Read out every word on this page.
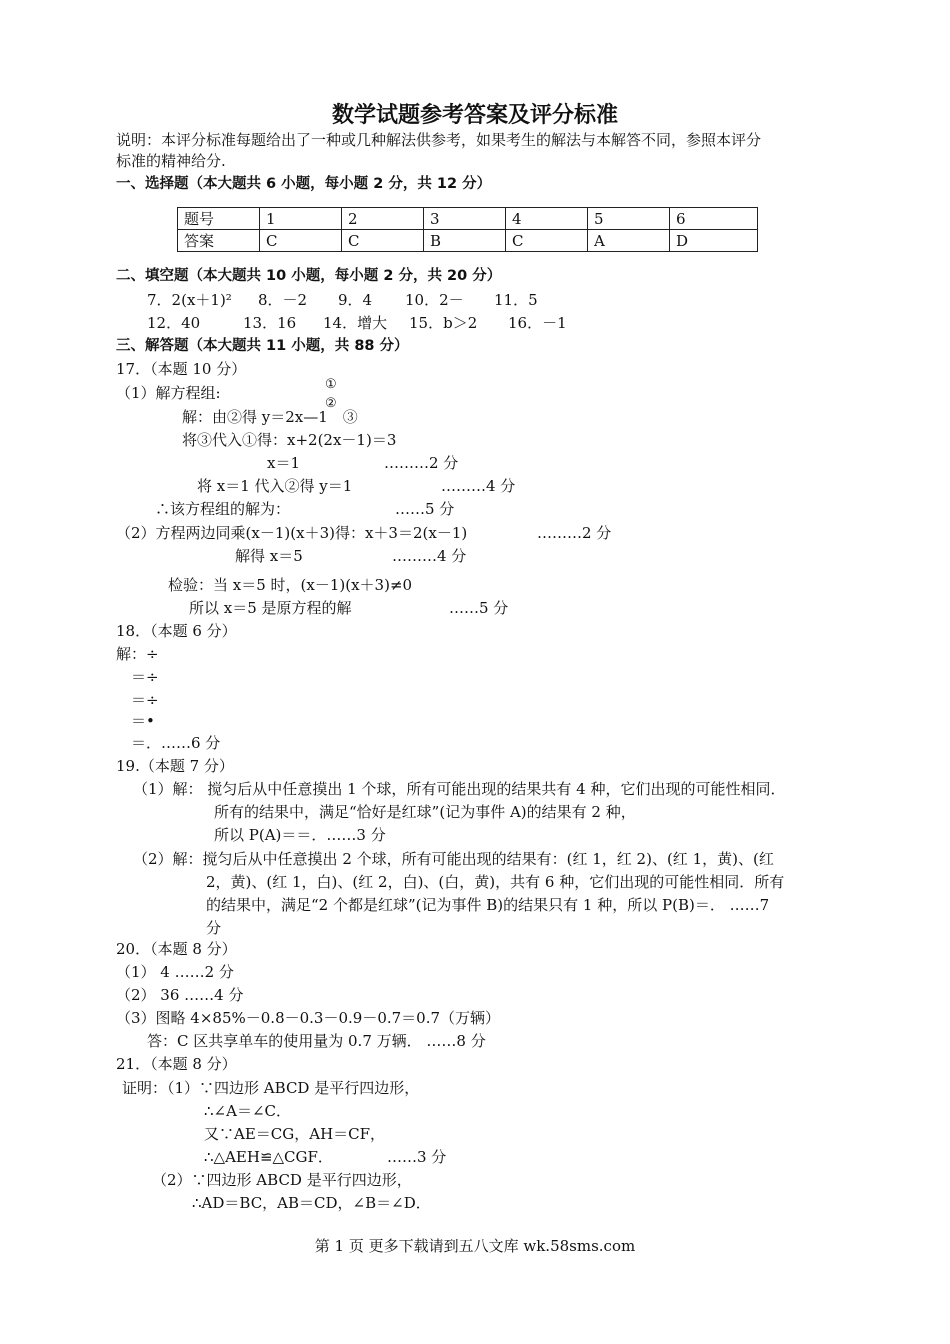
数学试题参考答案及评分标准
说明：本评分标准每题给出了一种或几种解法供参考，如果考生的解法与本解答不同，参照本评分
标准的精神给分.
一、选择题（本大题共 6 小题，每小题 2 分，共 12 分）
题号	1	2	3	4	5	6
答案	C	C	B	C	A	D
二、填空题（本大题共 10 小题，每小题 2 分，共 20 分）
7．2(x＋1)² 8．－2 9．4 10．2－ 11．5
12．40	13．16 14．增大 15．b＞2 16．－1
三、解答题（本大题共 11 小题，共 88 分）
17．（本题 10 分）
（1）解方程组:	①
②
解：由②得 y＝2x—1　③
将③代入①得：x+2(2x－1)＝3
x＝1	………2 分
将 x＝1 代入②得 y＝1	………4 分
∴该方程组的解为：	……5 分
（2）方程两边同乘(x－1)(x＋3)得：x＋3＝2(x－1)	………2 分
解得 x＝5	………4 分
检验：当 x＝5 时，(x－1)(x＋3)≠0
所以 x＝5 是原方程的解	……5 分
18．（本题 6 分）
解：÷
＝÷
＝÷
＝•
＝．……6 分
19.（本题 7 分）
（1）解： 搅匀后从中任意摸出 1 个球，所有可能出现的结果共有 4 种，它们出现的可能性相同．
所有的结果中，满足“恰好是红球”(记为事件 A)的结果有 2 种，
所以 P(A)＝＝．……3 分
（2）解：搅匀后从中任意摸出 2 个球，所有可能出现的结果有：(红 1，红 2)、(红 1，黄)、(红
2，黄)、(红 1，白)、(红 2，白)、(白，黄)，共有 6 种，它们出现的可能性相同．所有
的结果中，满足“2 个都是红球”(记为事件 B)的结果只有 1 种，所以 P(B)＝． ……7
分
20．（本题 8 分）
（1） 4 ……2 分
（2） 36 ……4 分
（3）图略 4×85%－0.8－0.3－0.9－0.7＝0.7（万辆）
答：C 区共享单车的使用量为 0.7 万辆． ……8 分
21．（本题 8 分）
证明：（1）∵四边形 ABCD 是平行四边形，
∴∠A＝∠C．
又∵AE＝CG，AH＝CF，
∴△AEH≌△CGF．	……3 分
（2）∵四边形 ABCD 是平行四边形，
∴AD＝BC，AB＝CD，∠B＝∠D．
第 1 页 更多下载请到五八文库 wk.58sms.com
